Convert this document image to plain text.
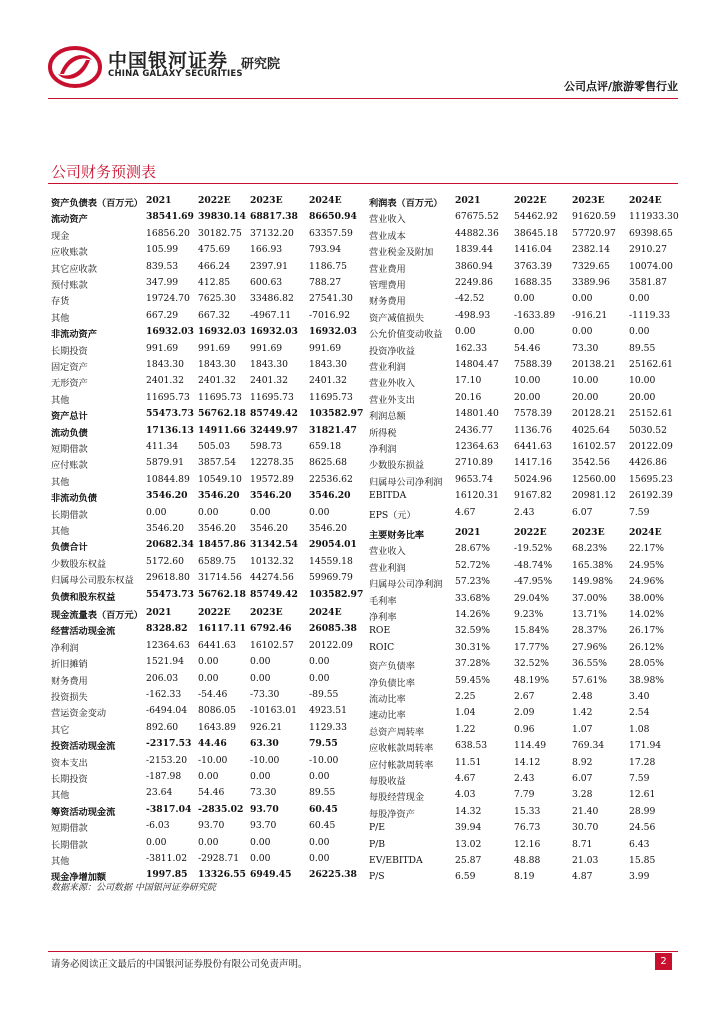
中国银河证券 研究院
CHINA GALAXY SECURITIES
公司点评/旅游零售行业
公司财务预测表
资产负债表（百万元） 2021	2022E 2023E	2024E
流动资产	38541.69 39830.14 68817.38 86650.94
现金	16856.20 30182.75 37132.20 63357.59
应收账款	105.99 475.69 166.93	793.94
其它应收款	839.53 466.24 2397.91 1186.75
预付账款	347.99 412.85 600.63	788.27
存货	19724.70 7625.30 33486.82 27541.30
其他	667.29 667.32 -4967.11 -7016.92
非流动资产	16932.03 16932.03 16932.03 16932.03
长期投资	991.69 991.69 991.69	991.69
固定资产	1843.30 1843.30 1843.30 1843.30
无形资产	2401.32 2401.32 2401.32 2401.32
其他	11695.73 11695.73 11695.73 11695.73
资产总计	55473.73 56762.18 85749.42 103582.97
流动负债	17136.13 14911.66 32449.97 31821.47
短期借款	411.34 505.03 598.73	659.18
应付账款	5879.91 3857.54 12278.35 8625.68
其他	10844.89 10549.10 19572.89 22536.62
非流动负债	3546.20 3546.20 3546.20 3546.20
长期借款	0.00	0.00	0.00	0.00
其他	3546.20 3546.20 3546.20 3546.20
负债合计	20682.34 18457.86 31342.54 29054.01
少数股东权益	5172.60 6589.75 10132.32 14559.18
归属母公司股东权益 29618.80 31714.56 44274.56 59969.79
负债和股东权益	55473.73 56762.18 85749.42 103582.97
利润表（百万元） 2021	2022E	2023E	2024E
营业收入	67675.52 54462.92 91620.59 111933.30
营业成本	44882.36 38645.18 57720.97 69398.65
营业税金及附加 1839.44 1416.04 2382.14 2910.27
营业费用	3860.94 3763.39 7329.65 10074.00
管理费用	2249.86 1688.35 3389.96 3581.87
财务费用	-42.52	0.00	0.00	0.00
资产减值损失	-498.93	-1633.89 -916.21 -1119.33
公允价值变动收益 0.00	0.00	0.00	0.00
投资净收益	162.33	54.46	73.30	89.55
营业利润	14804.47 7588.39 20138.21 25162.61
营业外收入	17.10	10.00	10.00	10.00
营业外支出	20.16	20.00	20.00	20.00
利润总额	14801.40 7578.39 20128.21 25152.61
所得税	2436.77 1136.76 4025.64 5030.52
净利润	12364.63 6441.63 16102.57 20122.09
少数股东损益	2710.89 1417.16 3542.56 4426.86
归属母公司净利润 9653.74 5024.96 12560.00 15695.23
EBITDA	16120.31 9167.82 20981.12 26192.39
EPS（元）	4.67	2.43	6.07	7.59
主要财务比率	2021	2022E	2023E	2024E
营业收入	28.67%	-19.52% 68.23% 22.17%
营业利润	52.72%	-48.74% 165.38% 24.95%
归属母公司净利润 57.23%	-47.95% 149.98% 24.96%
毛利率	33.68%	29.04% 37.00% 38.00%
净利率	14.26%	9.23%	13.71% 14.02%
ROE	32.59%	15.84% 28.37% 26.17%
ROIC	30.31%	17.77% 27.96% 26.12%
资产负债率	37.28%	32.52% 36.55% 28.05%
净负债比率	59.45%	48.19% 57.61% 38.98%
流动比率	2.25	2.67	2.48	3.40
速动比率	1.04	2.09	1.42	2.54
总资产周转率	1.22	0.96	1.07	1.08
应收帐款周转率 638.53	114.49	769.34	171.94
应付帐款周转率 11.51	14.12	8.92	17.28
每股收益	4.67	2.43	6.07	7.59
每股经营现金	4.03	7.79	3.28	12.61
每股净资产	14.32	15.33	21.40	28.99
P/E	39.94	76.73	30.70	24.56
P/B	13.02	12.16	8.71	6.43
EV/EBITDA	25.87	48.88	21.03	15.85
P/S	6.59	8.19	4.87	3.99
现金流量表（百万元） 2021	2022E 2023E	2024E
经营活动现金流	8328.82 16117.11 6792.46 26085.38
净利润	12364.63 6441.63 16102.57 20122.09
折旧摊销	1521.94 0.00	0.00	0.00
财务费用	206.03 0.00	0.00	0.00
投资损失	-162.33 -54.46 -73.30	-89.55
营运资金变动	-6494.04 8086.05 -10163.01 4923.51
其它	892.60 1643.89 926.21	1129.33
投资活动现金流	-2317.53 44.46	63.30	79.55
资本支出	-2153.20 -10.00 -10.00	-10.00
长期投资	-187.98 0.00	0.00	0.00
其他	23.64	54.46	73.30	89.55
筹资活动现金流	-3817.04 -2835.02 93.70	60.45
短期借款	-6.03	93.70	93.70	60.45
长期借款	0.00	0.00	0.00	0.00
其他	-3811.02 -2928.71 0.00	0.00
现金净增加额	1997.85 13326.55 6949.45 26225.38
数据来源：公司数据 中国银河证券研究院
请务必阅读正文最后的中国银河证券股份有限公司免责声明。	2
